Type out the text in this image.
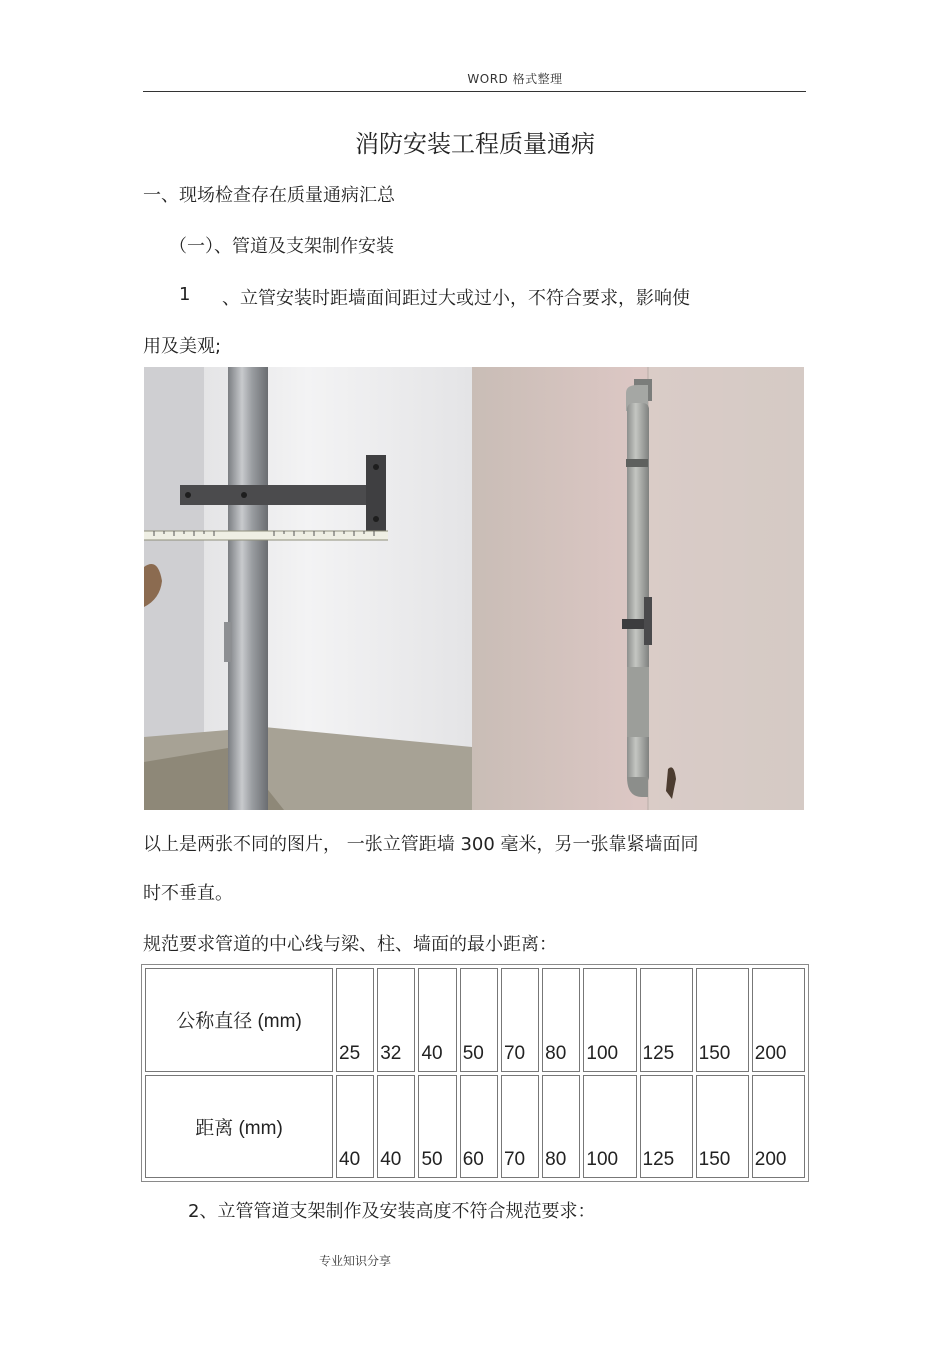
WORD 格式整理
消防安装工程质量通病
一、现场检查存在质量通病汇总
（一）、管道及支架制作安装
1 、立管安装时距墙面间距过大或过小，不符合要求，影响使
用及美观;
以上是两张不同的图片， 一张立管距墙 300 毫米，另一张靠紧墙面同
时不垂直。
规范要求管道的中心线与梁、柱、墙面的最小距离：
公称直径 (mm)	25	32	40	50	70	80	100	125	150	200
距离 (mm)	40	40	50	60	70	80	100	125	150	200
2、立管管道支架制作及安装高度不符合规范要求：
专业知识分享
